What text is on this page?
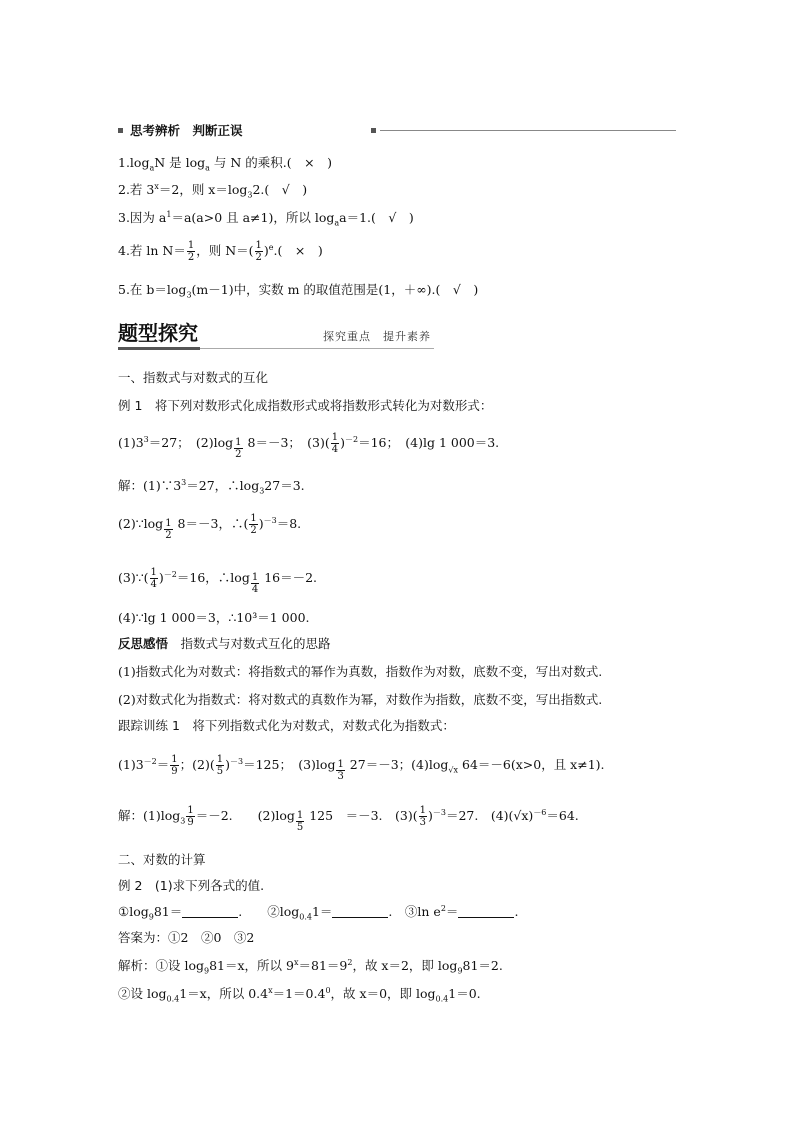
思考辨析　判断正误
$1.\log_aN$ 是 $\log_a$ 与 N 的乘积.(　×　)
2.若 $3^x=2$，则 $x=\log_32$.(　√　)
3.因为 $a^1=a(a>0$ 且 a≠1)，所以 $\log_aa=1$.(　√　)
4.若 $\ln N= \frac{1}{2}$ ，则 $N=( \frac{1}{2} )^e$.(　×　)
5.在 $b=\log_3(m-1)$中，实数 m 的取值范围是(1，＋∞).(　√　)
题型探究	探究重点　提升素养
一、指数式与对数式的互化
例 1　将下列对数形式化成指数形式或将指数形式转化为对数形式：
$(1)3^3=27$；　(2)log $_{\frac{1}{2}}$ 8＝－3；　$(3)( \frac{1}{4} )^{-2}=16$；　(4)lg 1 000＝3.
解：$(1)\because 3^3=27$，$\therefore\log_327=3$.
(2)∵log $_{\frac{1}{2}}$ 8＝－3，∴( $\frac{1}{2} )^{-3}=8$.
(3)∵( $\frac{1}{4} )^{-2}=16$，∴log $_{\frac{1}{4}}$ 16＝－2.
(4)∵lg 1 000＝3，∴10³＝1 000.
反思感悟　指数式与对数式互化的思路
(1)指数式化为对数式：将指数式的幂作为真数，指数作为对数，底数不变，写出对数式.
(2)对数式化为指数式：将对数式的真数作为幂，对数作为指数，底数不变，写出指数式.
跟踪训练 1　将下列指数式化为对数式，对数式化为指数式：
$(1)3^{-2}= \frac{1}{9}$ ；$(2)( \frac{1}{5} )^{-3}=125$；　(3)log $_{\frac{1}{3}}$ 27＝－3；$(4)\log_{√x}$ 64＝－6(x>0，且 x≠1).
解：$(1)\log_3 \frac{1}{9} =-2$.　　(2)log $_{\frac{1}{5}}$ 125　＝－3.　$(3)( \frac{1}{3} )^{-3}=27$.　$(4)(√x)^{-6}=64$.
二、对数的计算
例 2　(1)求下列各式的值.
$①\log_981=$	.　　$②\log_{0.4}1=$	.　③ln $e^2=$	.
答案为：①2　②0　③2
解析：①设 $\log_981=x$，所以 $9^x=81=9^2$，故 x＝2，即 $\log_981=2$.
②设 $\log_{0.4}1=x$，所以 $0.4^x=1=0.4^0$，故 x＝0，即 $\log_{0.4}1=0$.
